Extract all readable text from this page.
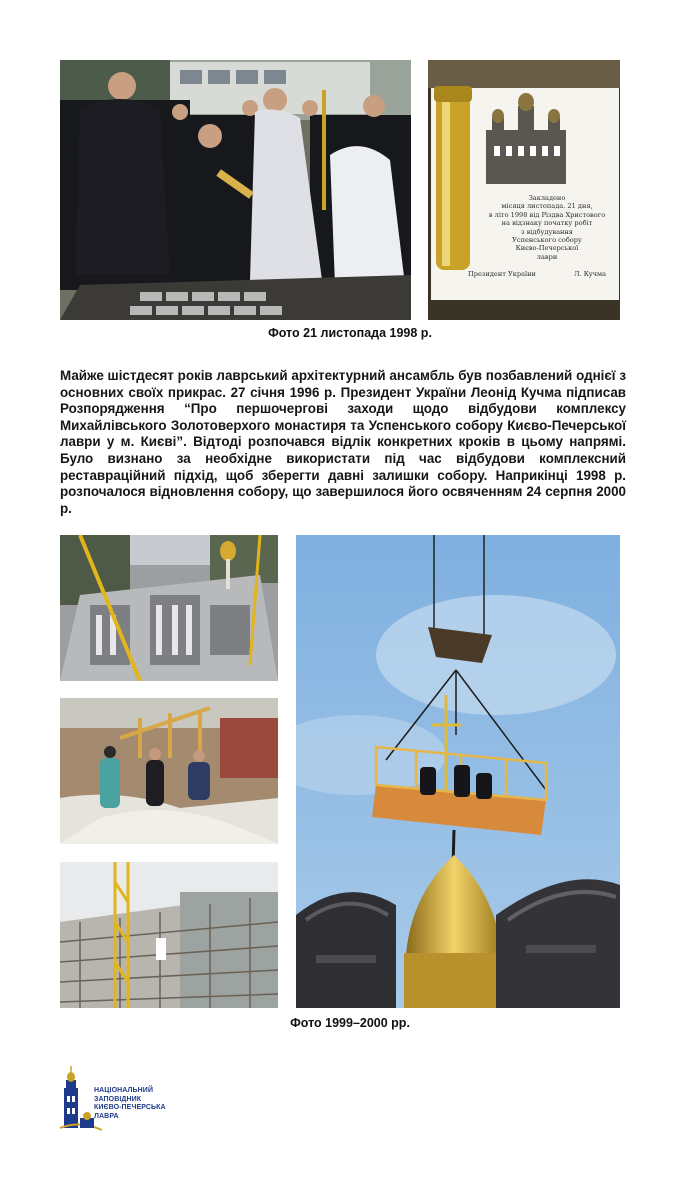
Закладено
місяця листопада. 21 дня,
в літо 1998 від Різдва Христового
на відзнаку початку робіт
з відбудування
Успенського собору
Києво-Печерської
лаври
Президент України	Л. Кучма
Фото 21 листопада 1998 р.

Майже шістдесят років лаврський архітектурний ансамбль був позбавлений однієї з основних своїх прикрас. 27 січня 1996 р. Президент України Леонід Кучма підписав Розпорядження “Про першочергові заходи щодо відбудови комплексу Михайлівського Золотоверхого монастиря та Успенського собору Києво-Печерської лаври у м. Києві”. Відтоді розпочався відлік конкретних кроків в цьому напрямі. Було визнано за необхідне використати під час відбудови комплексний реставраційний підхід, щоб зберегти давні залишки собору. Наприкінці 1998 р. розпочалося відновлення собору, що завершилося його освяченням 24 серпня 2000 р.

Фото 1999–2000 рр.
НАЦІОНАЛЬНИЙ
ЗАПОВІДНИК
КИЄВО-ПЕЧЕРСЬКА
ЛАВРА
